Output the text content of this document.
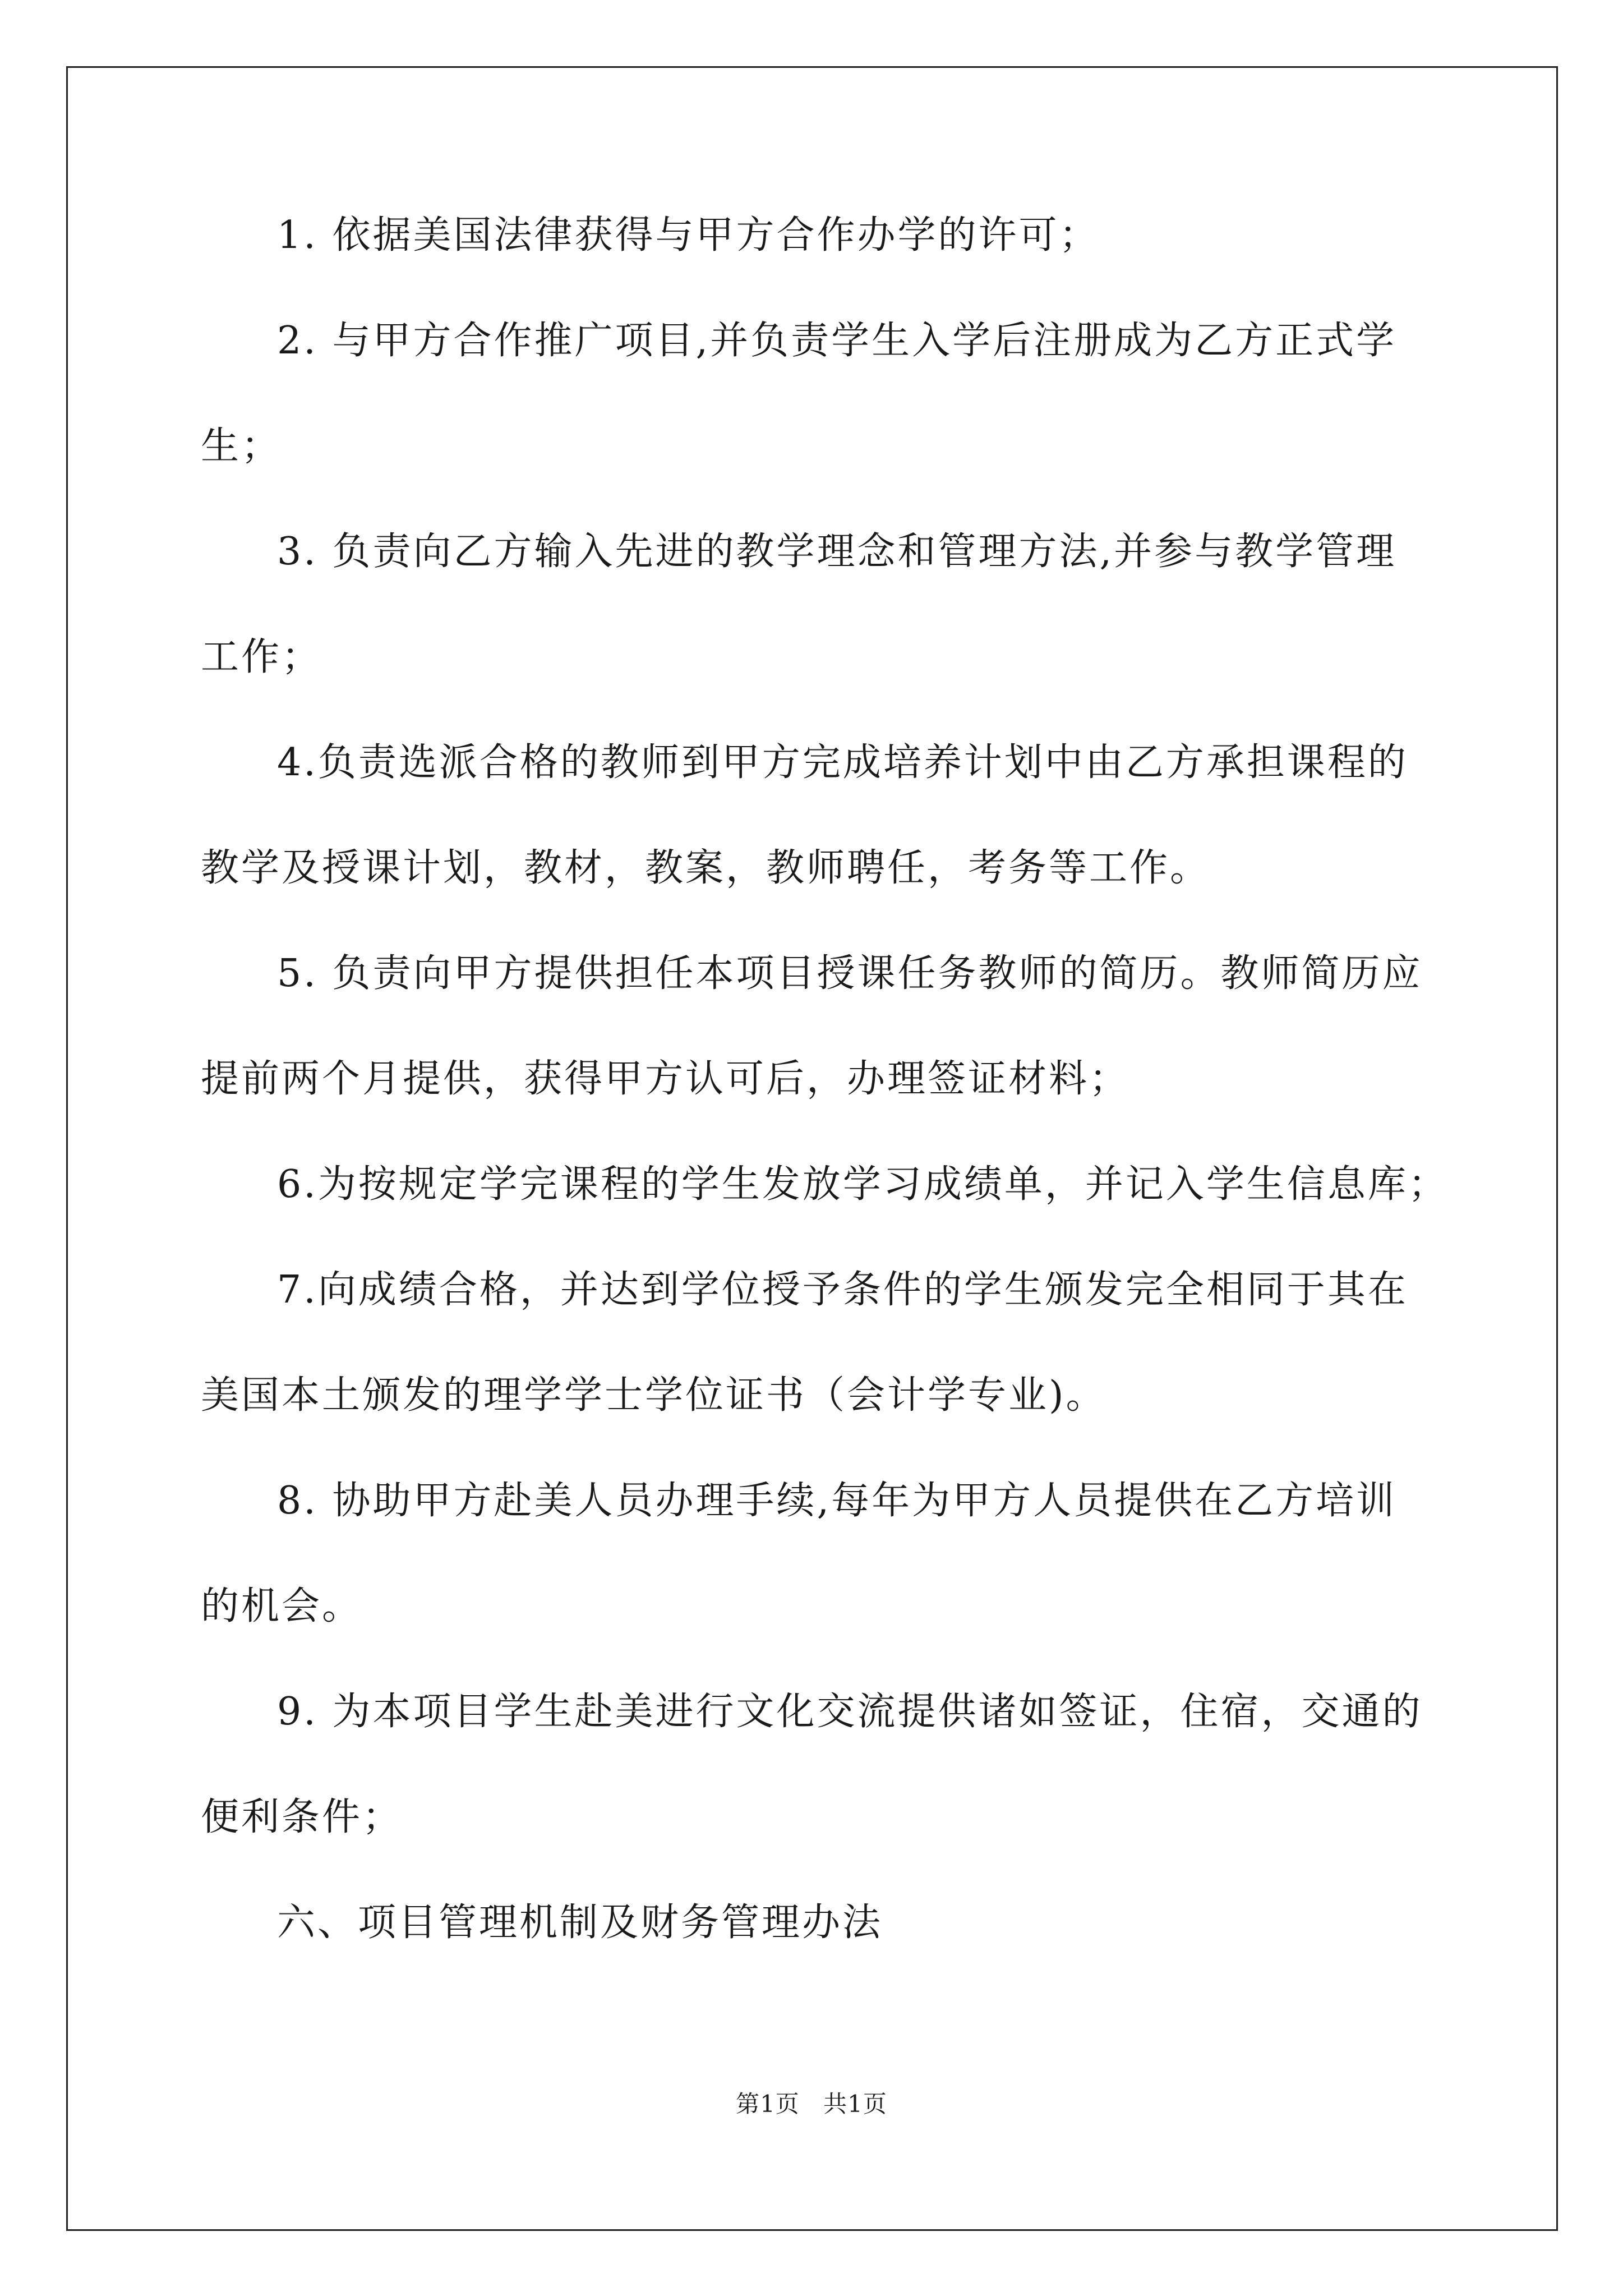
1. 依据美国法律获得与甲方合作办学的许可；
2. 与甲方合作推广项目,并负责学生入学后注册成为乙方正式学
生；
3. 负责向乙方输入先进的教学理念和管理方法,并参与教学管理
工作；
4.负责选派合格的教师到甲方完成培养计划中由乙方承担课程的
教学及授课计划，教材，教案，教师聘任，考务等工作。
5. 负责向甲方提供担任本项目授课任务教师的简历。教师简历应
提前两个月提供，获得甲方认可后，办理签证材料；
6.为按规定学完课程的学生发放学习成绩单，并记入学生信息库；
7.向成绩合格，并达到学位授予条件的学生颁发完全相同于其在
美国本土颁发的理学学士学位证书（会计学专业)。
8. 协助甲方赴美人员办理手续,每年为甲方人员提供在乙方培训
的机会。
9. 为本项目学生赴美进行文化交流提供诸如签证，住宿，交通的
便利条件；
六、项目管理机制及财务管理办法
第1页 共1页
